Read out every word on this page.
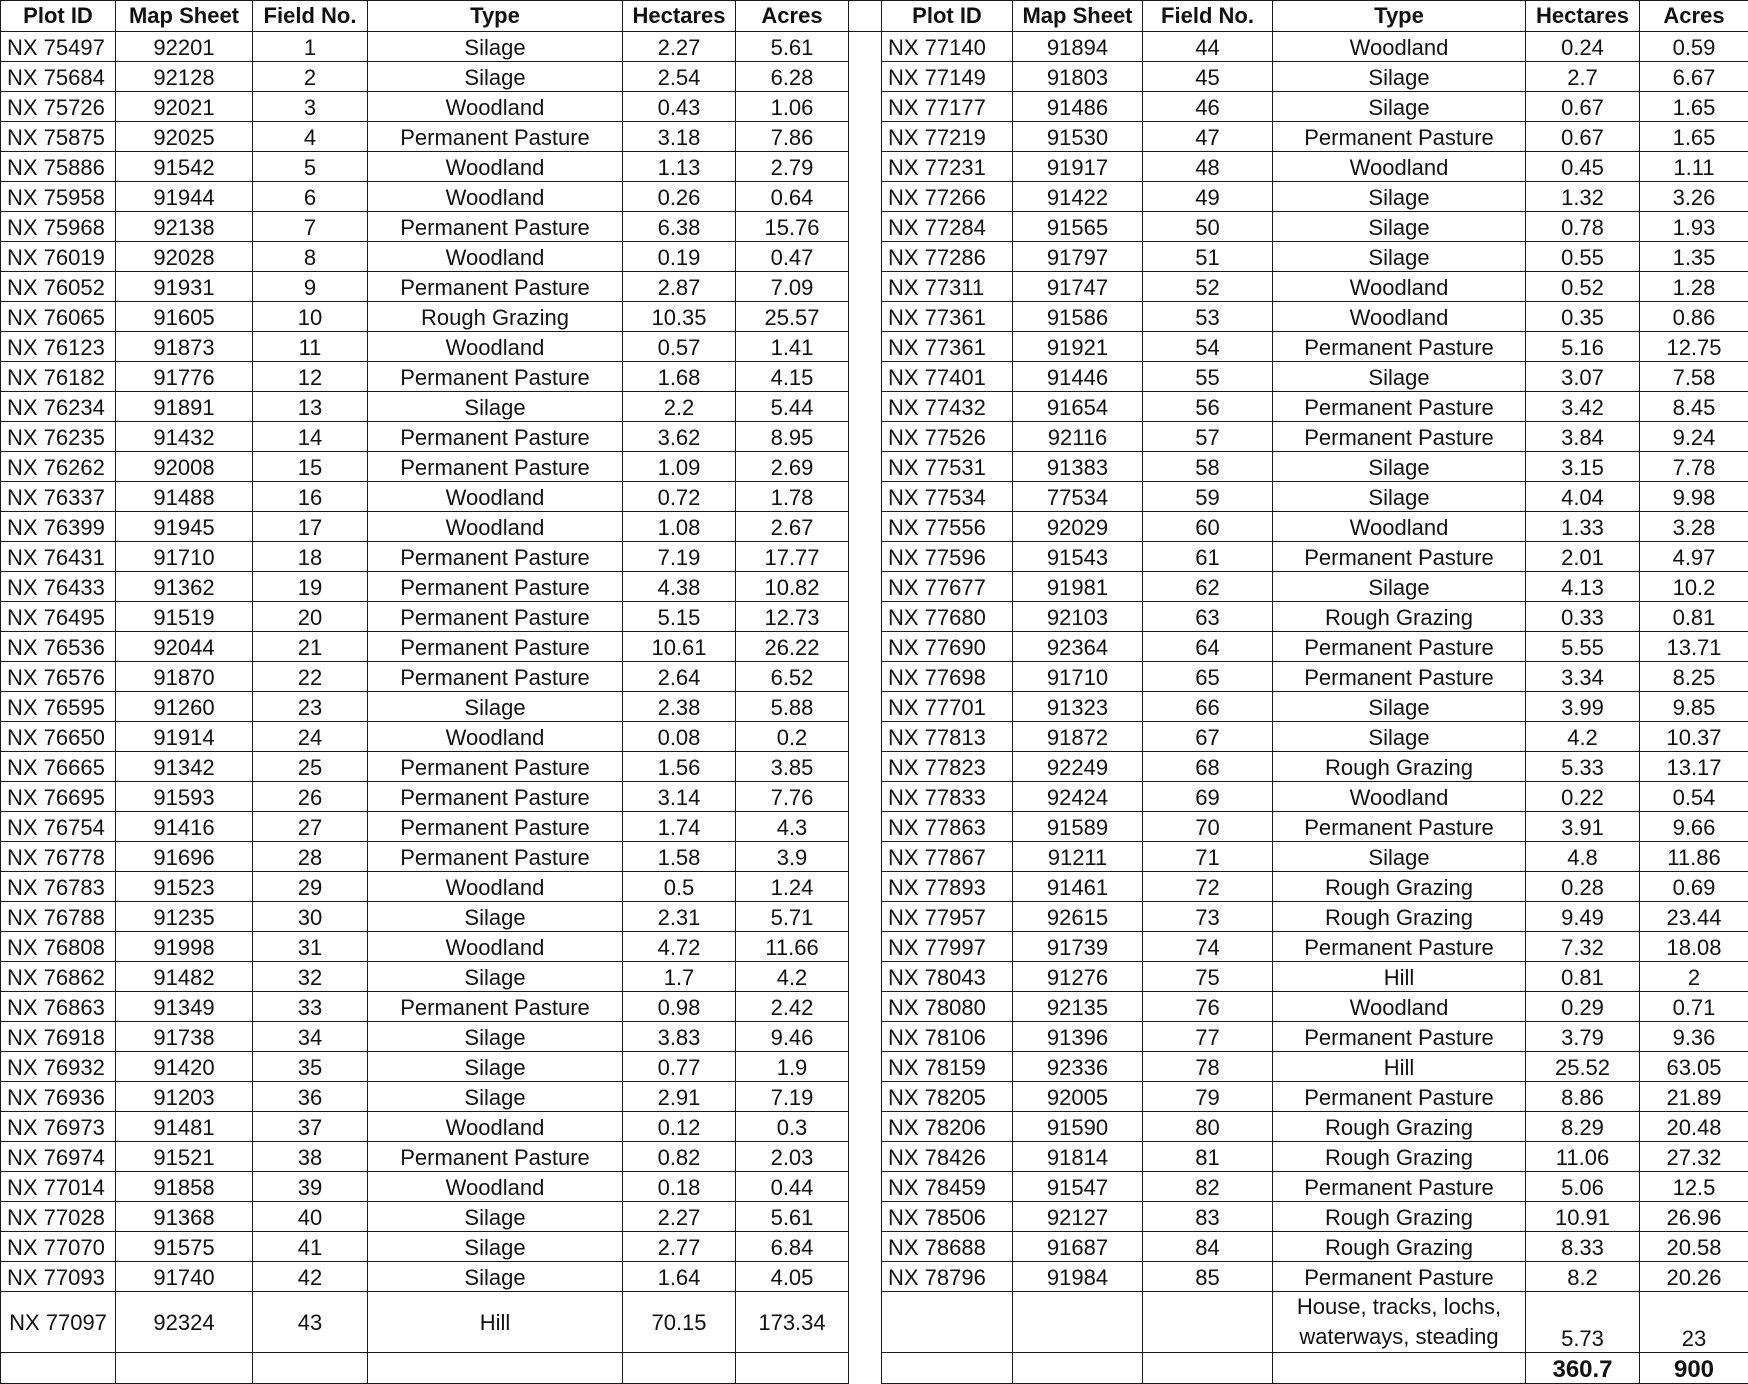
Plot ID	Map Sheet	Field No.	Type	Hectares	Acres		Plot ID	Map Sheet	Field No.	Type	Hectares	Acres
NX 75497	92201	1	Silage	2.27	5.61		NX 77140	91894	44	Woodland	0.24	0.59
NX 75684	92128	2	Silage	2.54	6.28		NX 77149	91803	45	Silage	2.7	6.67
NX 75726	92021	3	Woodland	0.43	1.06		NX 77177	91486	46	Silage	0.67	1.65
NX 75875	92025	4	Permanent Pasture	3.18	7.86		NX 77219	91530	47	Permanent Pasture	0.67	1.65
NX 75886	91542	5	Woodland	1.13	2.79		NX 77231	91917	48	Woodland	0.45	1.11
NX 75958	91944	6	Woodland	0.26	0.64		NX 77266	91422	49	Silage	1.32	3.26
NX 75968	92138	7	Permanent Pasture	6.38	15.76		NX 77284	91565	50	Silage	0.78	1.93
NX 76019	92028	8	Woodland	0.19	0.47		NX 77286	91797	51	Silage	0.55	1.35
NX 76052	91931	9	Permanent Pasture	2.87	7.09		NX 77311	91747	52	Woodland	0.52	1.28
NX 76065	91605	10	Rough Grazing	10.35	25.57		NX 77361	91586	53	Woodland	0.35	0.86
NX 76123	91873	11	Woodland	0.57	1.41		NX 77361	91921	54	Permanent Pasture	5.16	12.75
NX 76182	91776	12	Permanent Pasture	1.68	4.15		NX 77401	91446	55	Silage	3.07	7.58
NX 76234	91891	13	Silage	2.2	5.44		NX 77432	91654	56	Permanent Pasture	3.42	8.45
NX 76235	91432	14	Permanent Pasture	3.62	8.95		NX 77526	92116	57	Permanent Pasture	3.84	9.24
NX 76262	92008	15	Permanent Pasture	1.09	2.69		NX 77531	91383	58	Silage	3.15	7.78
NX 76337	91488	16	Woodland	0.72	1.78		NX 77534	77534	59	Silage	4.04	9.98
NX 76399	91945	17	Woodland	1.08	2.67		NX 77556	92029	60	Woodland	1.33	3.28
NX 76431	91710	18	Permanent Pasture	7.19	17.77		NX 77596	91543	61	Permanent Pasture	2.01	4.97
NX 76433	91362	19	Permanent Pasture	4.38	10.82		NX 77677	91981	62	Silage	4.13	10.2
NX 76495	91519	20	Permanent Pasture	5.15	12.73		NX 77680	92103	63	Rough Grazing	0.33	0.81
NX 76536	92044	21	Permanent Pasture	10.61	26.22		NX 77690	92364	64	Permanent Pasture	5.55	13.71
NX 76576	91870	22	Permanent Pasture	2.64	6.52		NX 77698	91710	65	Permanent Pasture	3.34	8.25
NX 76595	91260	23	Silage	2.38	5.88		NX 77701	91323	66	Silage	3.99	9.85
NX 76650	91914	24	Woodland	0.08	0.2		NX 77813	91872	67	Silage	4.2	10.37
NX 76665	91342	25	Permanent Pasture	1.56	3.85		NX 77823	92249	68	Rough Grazing	5.33	13.17
NX 76695	91593	26	Permanent Pasture	3.14	7.76		NX 77833	92424	69	Woodland	0.22	0.54
NX 76754	91416	27	Permanent Pasture	1.74	4.3		NX 77863	91589	70	Permanent Pasture	3.91	9.66
NX 76778	91696	28	Permanent Pasture	1.58	3.9		NX 77867	91211	71	Silage	4.8	11.86
NX 76783	91523	29	Woodland	0.5	1.24		NX 77893	91461	72	Rough Grazing	0.28	0.69
NX 76788	91235	30	Silage	2.31	5.71		NX 77957	92615	73	Rough Grazing	9.49	23.44
NX 76808	91998	31	Woodland	4.72	11.66		NX 77997	91739	74	Permanent Pasture	7.32	18.08
NX 76862	91482	32	Silage	1.7	4.2		NX 78043	91276	75	Hill	0.81	2
NX 76863	91349	33	Permanent Pasture	0.98	2.42		NX 78080	92135	76	Woodland	0.29	0.71
NX 76918	91738	34	Silage	3.83	9.46		NX 78106	91396	77	Permanent Pasture	3.79	9.36
NX 76932	91420	35	Silage	0.77	1.9		NX 78159	92336	78	Hill	25.52	63.05
NX 76936	91203	36	Silage	2.91	7.19		NX 78205	92005	79	Permanent Pasture	8.86	21.89
NX 76973	91481	37	Woodland	0.12	0.3		NX 78206	91590	80	Rough Grazing	8.29	20.48
NX 76974	91521	38	Permanent Pasture	0.82	2.03		NX 78426	91814	81	Rough Grazing	11.06	27.32
NX 77014	91858	39	Woodland	0.18	0.44		NX 78459	91547	82	Permanent Pasture	5.06	12.5
NX 77028	91368	40	Silage	2.27	5.61		NX 78506	92127	83	Rough Grazing	10.91	26.96
NX 77070	91575	41	Silage	2.77	6.84		NX 78688	91687	84	Rough Grazing	8.33	20.58
NX 77093	91740	42	Silage	1.64	4.05		NX 78796	91984	85	Permanent Pasture	8.2	20.26
NX 77097	92324	43	Hill	70.15	173.34					House, tracks, lochs, waterways, steading	5.73	23
											360.7	900
